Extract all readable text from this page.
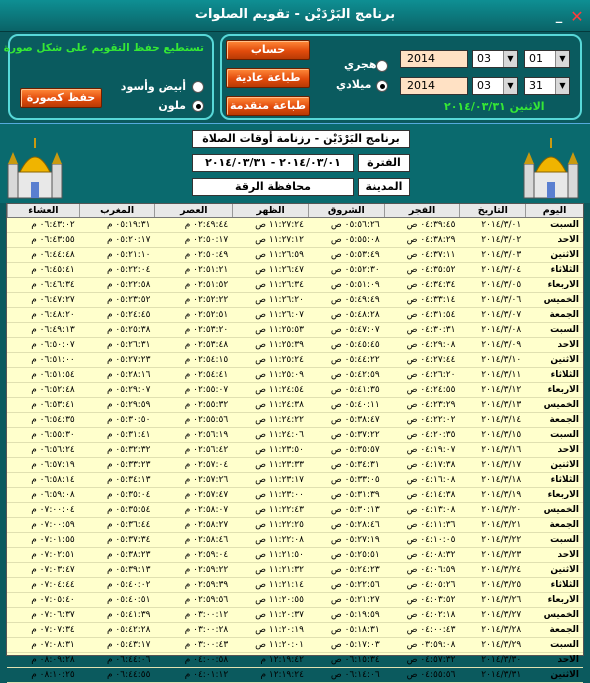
برنامج البَرْدَيْن - تقويم الصلوات	_ ✕
تستطيع حفظ التقويم على شكل صورة
أبيض وأسود
ملون
حفظ كصورة
حساب
طباعة عادية
طباعة متقدمة
هجري
ميلادي
2014	03	▼	01	▼
2014	03	▼	31	▼
الاثنين ٢٠١٤/٠٣/٣١
برنامج البَرْدَيْن - رزنامة أوقات الصلاة
٢٠١٤/٠٣/٠١ - ٢٠١٤/٠٣/٣١	الفترة
محافظة الرقة	المدينة
العشاء	المغرب	العصر	الظهر	الشروق	الفجر	التاريخ	اليوم
٠٦:٤٣:٠٢ م	٠٥:١٩:٣١ م	٠٢:٤٩:٤٤ م	١١:٢٧:٢٤ ص	٠٥:٥٦:٢٦ ص	٠٤:٣٩:٤٥ ص	٢٠١٤/٣/٠١	السبت
٠٦:٤٣:٥٥ م	٠٥:٢٠:١٧ م	٠٢:٥٠:١٧ م	١١:٢٧:١٢ ص	٠٥:٥٥:٠٨ ص	٠٤:٣٨:٢٩ ص	٢٠١٤/٣/٠٢	الاحد
٠٦:٤٤:٤٨ م	٠٥:٢١:١٠ م	٠٢:٥٠:٤٩ م	١١:٢٦:٥٩ ص	٠٥:٥٣:٤٩ ص	٠٤:٣٧:١١ ص	٢٠١٤/٣/٠٣	الاثنين
٠٦:٤٥:٤١ م	٠٥:٢٢:٠٤ م	٠٢:٥١:٢١ م	١١:٢٦:٤٧ ص	٠٥:٥٢:٣٠ ص	٠٤:٣٥:٥٢ ص	٢٠١٤/٣/٠٤	الثلاثاء
٠٦:٤٦:٣٤ م	٠٥:٢٢:٥٨ م	٠٢:٥١:٥٢ م	١١:٢٦:٣٤ ص	٠٥:٥١:٠٩ ص	٠٤:٣٤:٣٤ ص	٢٠١٤/٣/٠٥	الاربعاء
٠٦:٤٧:٢٧ م	٠٥:٢٣:٥٢ م	٠٢:٥٢:٢٢ م	١١:٢٦:٢٠ ص	٠٥:٤٩:٤٩ ص	٠٤:٣٣:١٤ ص	٢٠١٤/٣/٠٦	الخميس
٠٦:٤٨:٢٠ م	٠٥:٢٤:٤٥ م	٠٢:٥٢:٥١ م	١١:٢٦:٠٧ ص	٠٥:٤٨:٢٨ ص	٠٤:٣١:٥٤ ص	٢٠١٤/٣/٠٧	الجمعة
٠٦:٤٩:١٣ م	٠٥:٢٥:٣٨ م	٠٢:٥٣:٢٠ م	١١:٢٥:٥٣ ص	٠٥:٤٧:٠٧ ص	٠٤:٣٠:٣١ ص	٢٠١٤/٣/٠٨	السبت
٠٦:٥٠:٠٧ م	٠٥:٢٦:٣١ م	٠٢:٥٣:٤٨ م	١١:٢٥:٣٩ ص	٠٥:٤٥:٤٥ ص	٠٤:٢٩:٠٨ ص	٢٠١٤/٣/٠٩	الاحد
٠٦:٥١:٠٠ م	٠٥:٢٧:٢٣ م	٠٢:٥٤:١٥ م	١١:٢٥:٢٤ ص	٠٥:٤٤:٢٢ ص	٠٤:٢٧:٤٤ ص	٢٠١٤/٣/١٠	الاثنين
٠٦:٥١:٥٤ م	٠٥:٢٨:١٦ م	٠٢:٥٤:٤١ م	١١:٢٥:٠٩ ص	٠٥:٤٢:٥٩ ص	٠٤:٢٦:٢٠ ص	٢٠١٤/٣/١١	الثلاثاء
٠٦:٥٢:٤٨ م	٠٥:٢٩:٠٧ م	٠٢:٥٥:٠٧ م	١١:٢٤:٥٤ ص	٠٥:٤١:٣٥ ص	٠٤:٢٤:٥٥ ص	٢٠١٤/٣/١٢	الاربعاء
٠٦:٥٣:٤١ م	٠٥:٢٩:٥٩ م	٠٢:٥٥:٣٢ م	١١:٢٤:٣٨ ص	٠٥:٤٠:١١ ص	٠٤:٢٣:٢٩ ص	٢٠١٤/٣/١٣	الخميس
٠٦:٥٤:٣٥ م	٠٥:٣٠:٥٠ م	٠٢:٥٥:٥٦ م	١١:٢٤:٢٢ ص	٠٥:٣٨:٤٧ ص	٠٤:٢٢:٠٢ ص	٢٠١٤/٣/١٤	الجمعة
٠٦:٥٥:٣٠ م	٠٥:٣١:٤١ م	٠٢:٥٦:١٩ م	١١:٢٤:٠٦ ص	٠٥:٣٧:٢٢ ص	٠٤:٢٠:٣٥ ص	٢٠١٤/٣/١٥	السبت
٠٦:٥٦:٢٤ م	٠٥:٣٢:٣٢ م	٠٢:٥٦:٤٢ م	١١:٢٣:٥٠ ص	٠٥:٣٥:٥٧ ص	٠٤:١٩:٠٧ ص	٢٠١٤/٣/١٦	الاحد
٠٦:٥٧:١٩ م	٠٥:٣٣:٢٣ م	٠٢:٥٧:٠٤ م	١١:٢٣:٣٣ ص	٠٥:٣٤:٣١ ص	٠٤:١٧:٣٨ ص	٢٠١٤/٣/١٧	الاثنين
٠٦:٥٨:١٤ م	٠٥:٣٤:١٣ م	٠٢:٥٧:٢٦ م	١١:٢٣:١٧ ص	٠٥:٣٣:٠٥ ص	٠٤:١٦:٠٨ ص	٢٠١٤/٣/١٨	الثلاثاء
٠٦:٥٩:٠٨ م	٠٥:٣٥:٠٤ م	٠٢:٥٧:٤٧ م	١١:٢٣:٠٠ ص	٠٥:٣١:٣٩ ص	٠٤:١٤:٣٨ ص	٢٠١٤/٣/١٩	الاربعاء
٠٧:٠٠:٠٤ م	٠٥:٣٥:٥٤ م	٠٢:٥٨:٠٧ م	١١:٢٢:٤٣ ص	٠٥:٣٠:١٣ ص	٠٤:١٣:٠٨ ص	٢٠١٤/٣/٢٠	الخميس
٠٧:٠٠:٥٩ م	٠٥:٣٦:٤٤ م	٠٢:٥٨:٢٧ م	١١:٢٢:٢٥ ص	٠٥:٢٨:٤٦ ص	٠٤:١١:٣٦ ص	٢٠١٤/٣/٢١	الجمعة
٠٧:٠١:٥٥ م	٠٥:٣٧:٣٤ م	٠٢:٥٨:٤٦ م	١١:٢٢:٠٨ ص	٠٥:٢٧:١٩ ص	٠٤:١٠:٠٥ ص	٢٠١٤/٣/٢٢	السبت
٠٧:٠٢:٥١ م	٠٥:٣٨:٢٣ م	٠٢:٥٩:٠٤ م	١١:٢١:٥٠ ص	٠٥:٢٥:٥١ ص	٠٤:٠٨:٣٢ ص	٢٠١٤/٣/٢٣	الاحد
٠٧:٠٣:٤٧ م	٠٥:٣٩:١٣ م	٠٢:٥٩:٢٢ م	١١:٢١:٣٢ ص	٠٥:٢٤:٢٣ ص	٠٤:٠٦:٥٩ ص	٢٠١٤/٣/٢٤	الاثنين
٠٧:٠٤:٤٤ م	٠٥:٤٠:٠٢ م	٠٢:٥٩:٣٩ م	١١:٢١:١٤ ص	٠٥:٢٢:٥٦ ص	٠٤:٠٥:٢٦ ص	٢٠١٤/٣/٢٥	الثلاثاء
٠٧:٠٥:٤٠ م	٠٥:٤٠:٥١ م	٠٢:٥٩:٥٦ م	١١:٢٠:٥٥ ص	٠٥:٢١:٢٧ ص	٠٤:٠٣:٥٢ ص	٢٠١٤/٣/٢٦	الاربعاء
٠٧:٠٦:٣٧ م	٠٥:٤١:٣٩ م	٠٣:٠٠:١٢ م	١١:٢٠:٣٧ ص	٠٥:١٩:٥٩ ص	٠٤:٠٢:١٨ ص	٢٠١٤/٣/٢٧	الخميس
٠٧:٠٧:٣٤ م	٠٥:٤٢:٢٨ م	٠٣:٠٠:٢٨ م	١١:٢٠:١٩ ص	٠٥:١٨:٣١ ص	٠٤:٠٠:٤٣ ص	٢٠١٤/٣/٢٨	الجمعة
٠٧:٠٨:٣١ م	٠٥:٤٣:١٧ م	٠٣:٠٠:٤٣ م	١١:٢٠:٠١ ص	٠٥:١٧:٠٣ ص	٠٣:٥٩:٠٨ ص	٢٠١٤/٣/٢٩	السبت
٠٨:٠٩:٢٨ م	٠٦:٤٤:٠٦ م	٠٤:٠٠:٥٨ م	١٢:١٩:٤٢ م	٠٦:١٥:٣٤ ص	٠٤:٥٧:٣٢ ص	٢٠١٤/٣/٣٠	الاحد
٠٨:١٠:٢٥ م	٠٦:٤٤:٥٥ م	٠٤:٠١:١٢ م	١٢:١٩:٢٤ م	٠٦:١٤:٠٦ ص	٠٤:٥٥:٥٦ ص	٢٠١٤/٣/٣١	الاثنين
